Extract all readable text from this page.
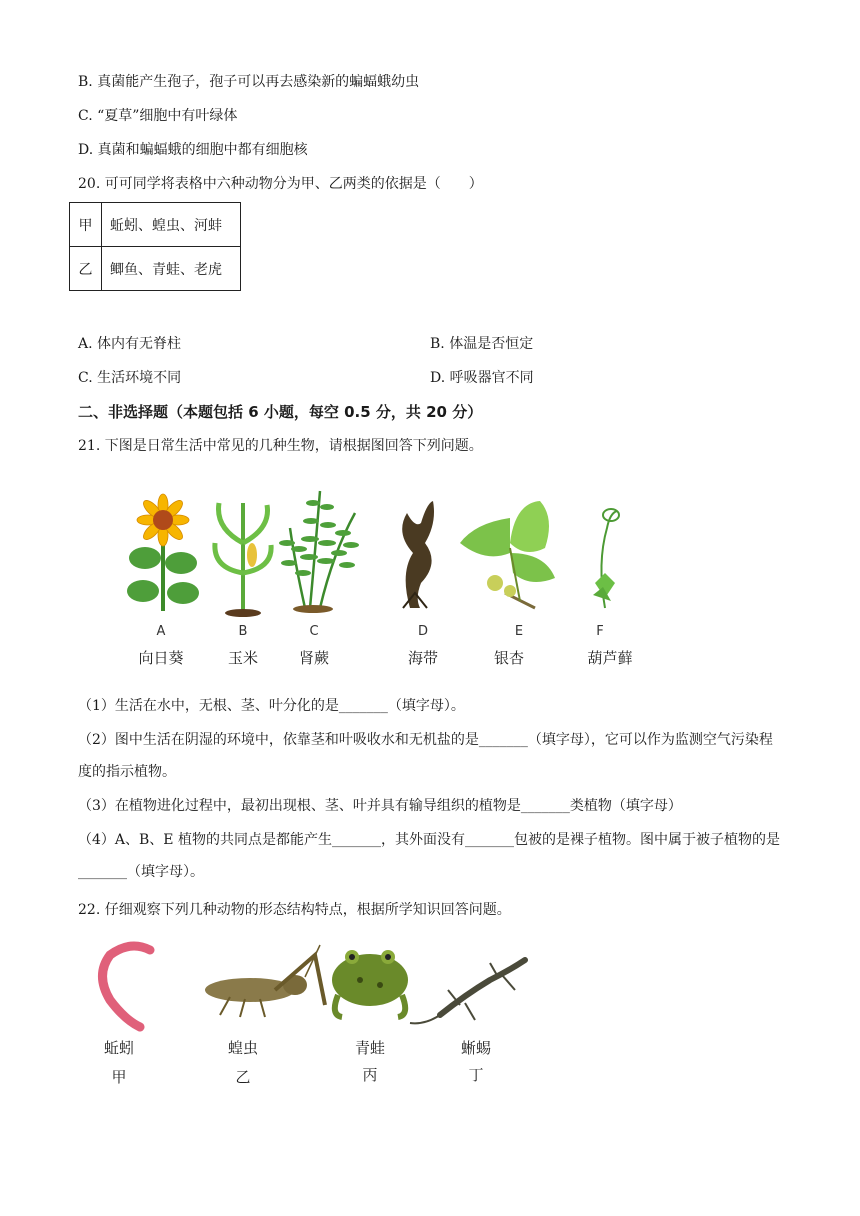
B. 真菌能产生孢子，孢子可以再去感染新的蝙蝠蛾幼虫
C. “夏草”细胞中有叶绿体
D. 真菌和蝙蝠蛾的细胞中都有细胞核
20. 可可同学将表格中六种动物分为甲、乙两类的依据是（　　）
甲	蚯蚓、蝗虫、河蚌
乙	鲫鱼、青蛙、老虎
A. 体内有无脊柱	B. 体温是否恒定
C. 生活环境不同	D. 呼吸器官不同
二、非选择题（本题包括 6 小题，每空 0.5 分，共 20 分）
21. 下图是日常生活中常见的几种生物，请根据图回答下列问题。
A	B	C	D	E	F
向日葵	玉米	肾蕨	海带	银杏	葫芦藓
（1）生活在水中，无根、茎、叶分化的是_______（填字母）。
（2）图中生活在阴湿的环境中，依靠茎和叶吸收水和无机盐的是_______（填字母），它可以作为监测空气污染程度的指示植物。
（3）在植物进化过程中，最初出现根、茎、叶并具有输导组织的植物是_______类植物（填字母）
（4）A、B、E 植物的共同点是都能产生_______，其外面没有_______包被的是裸子植物。图中属于被子植物的是_______（填字母）。
22. 仔细观察下列几种动物的形态结构特点，根据所学知识回答问题。
蚯蚓	蝗虫	青蛙	蜥蜴
甲	乙	丙	丁
